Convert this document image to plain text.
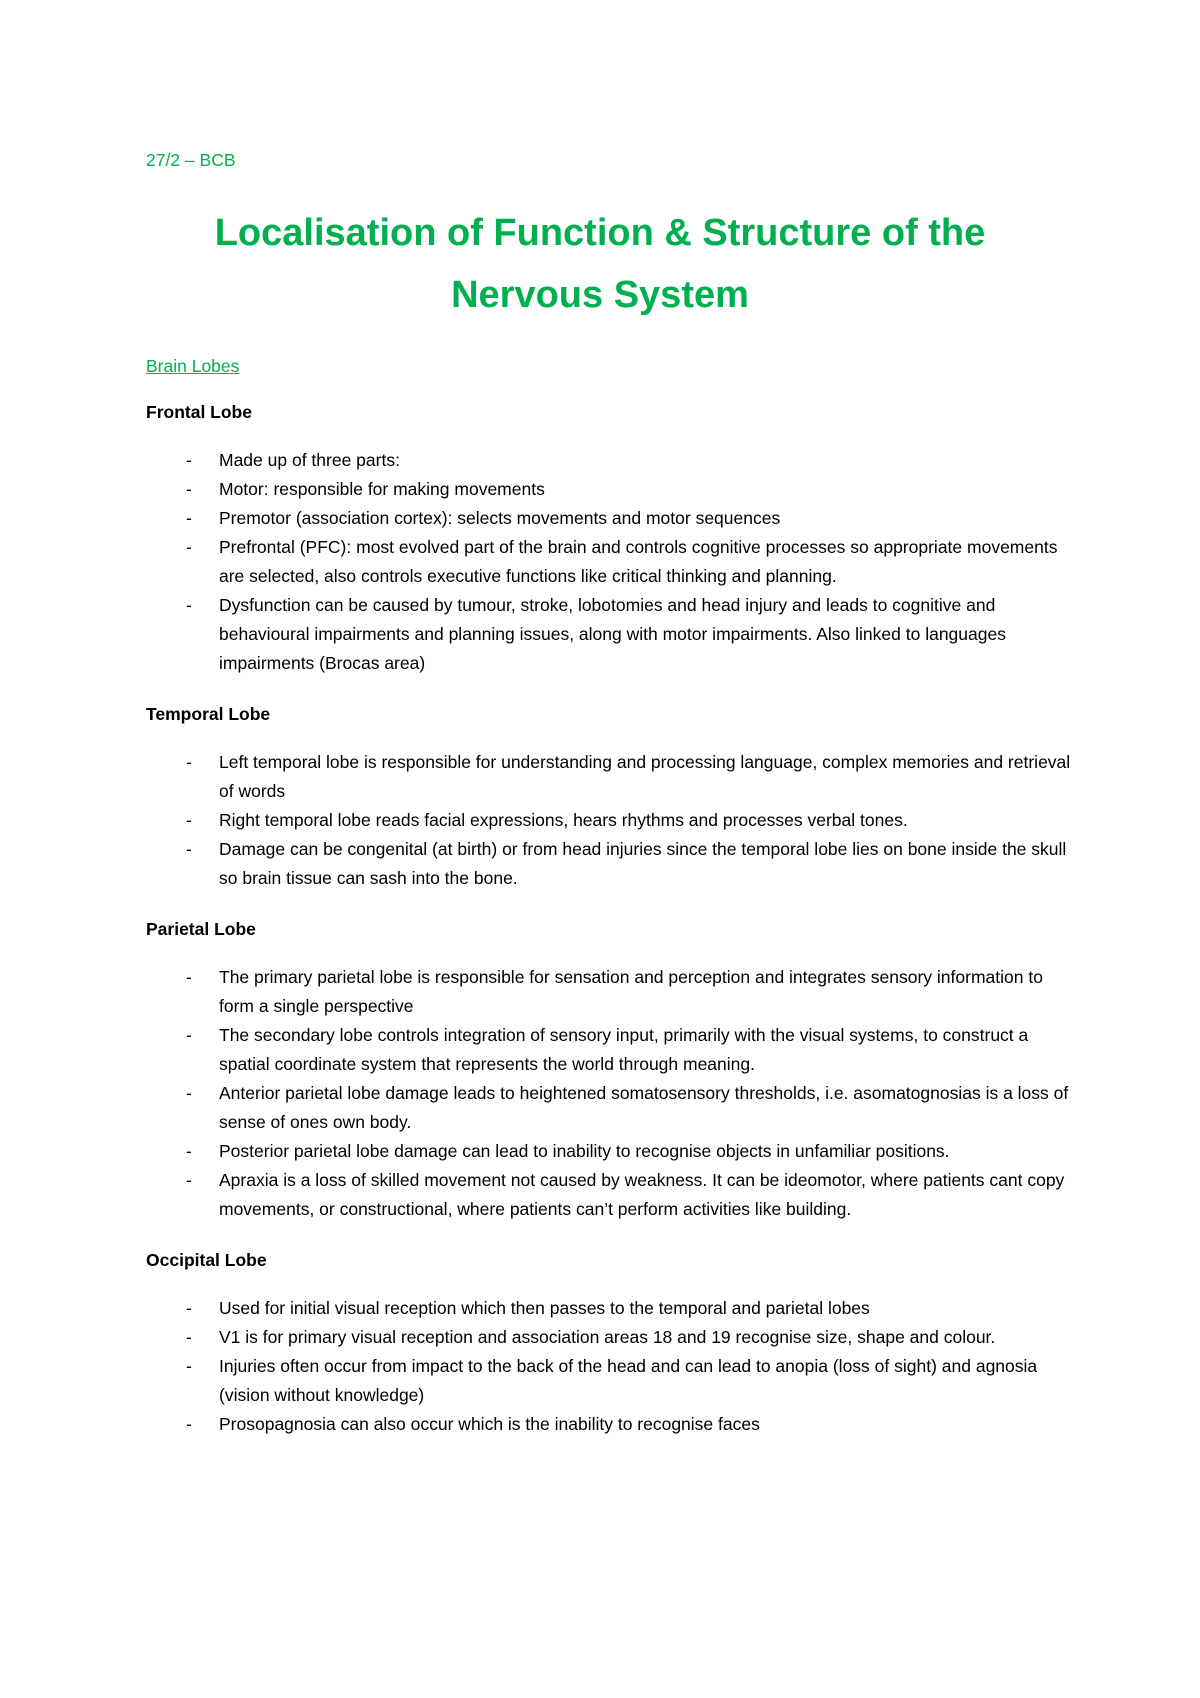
27/2 – BCB
Localisation of Function & Structure of the
Nervous System
Brain Lobes
Frontal Lobe
- Made up of three parts:
- Motor: responsible for making movements
- Premotor (association cortex): selects movements and motor sequences
- Prefrontal (PFC): most evolved part of the brain and controls cognitive processes so appropriate movements are selected, also controls executive functions like critical thinking and planning.
- Dysfunction can be caused by tumour, stroke, lobotomies and head injury and leads to cognitive and behavioural impairments and planning issues, along with motor impairments. Also linked to languages impairments (Brocas area)
Temporal Lobe
- Left temporal lobe is responsible for understanding and processing language, complex memories and retrieval of words
- Right temporal lobe reads facial expressions, hears rhythms and processes verbal tones.
- Damage can be congenital (at birth) or from head injuries since the temporal lobe lies on bone inside the skull so brain tissue can sash into the bone.
Parietal Lobe
- The primary parietal lobe is responsible for sensation and perception and integrates sensory information to form a single perspective
- The secondary lobe controls integration of sensory input, primarily with the visual systems, to construct a spatial coordinate system that represents the world through meaning.
- Anterior parietal lobe damage leads to heightened somatosensory thresholds, i.e. asomatognosias is a loss of sense of ones own body.
- Posterior parietal lobe damage can lead to inability to recognise objects in unfamiliar positions.
- Apraxia is a loss of skilled movement not caused by weakness. It can be ideomotor, where patients cant copy movements, or constructional, where patients can’t perform activities like building.
Occipital Lobe
- Used for initial visual reception which then passes to the temporal and parietal lobes
- V1 is for primary visual reception and association areas 18 and 19 recognise size, shape and colour.
- Injuries often occur from impact to the back of the head and can lead to anopia (loss of sight) and agnosia (vision without knowledge)
- Prosopagnosia can also occur which is the inability to recognise faces
